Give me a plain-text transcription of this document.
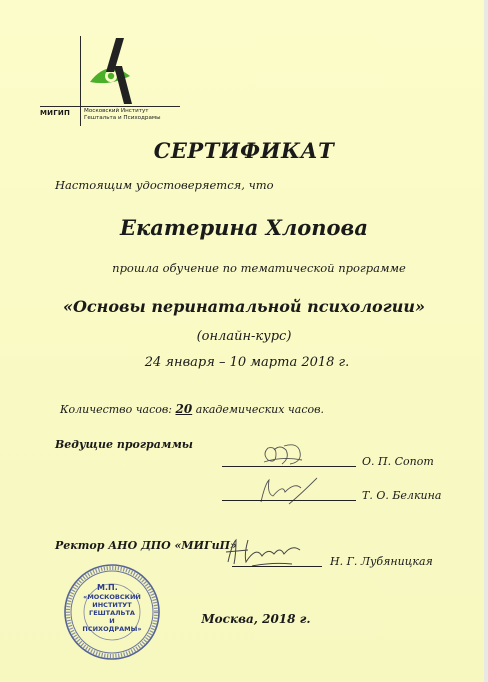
МИГИП	Московский Институт
Гештальта и Психодрамы
СЕРТИФИКАТ
Настоящим удостоверяется, что
Екатерина Хлопова
прошла обучение по тематической программе
«Основы перинатальной психологии»
(онлайн-курс)
24 января – 10 марта 2018 г.
Количество часов: 20 академических часов.
Ведущие программы
О. П. Сопот
Т. О. Белкина
Ректор АНО ДПО «МИГиП»
Н. Г. Лубяницкая
М.П.
«МОСКОВСКИЙ
ИНСТИТУТ
ГЕШТАЛЬТА
И
ПСИХОДРАМЫ»
Москва, 2018 г.
